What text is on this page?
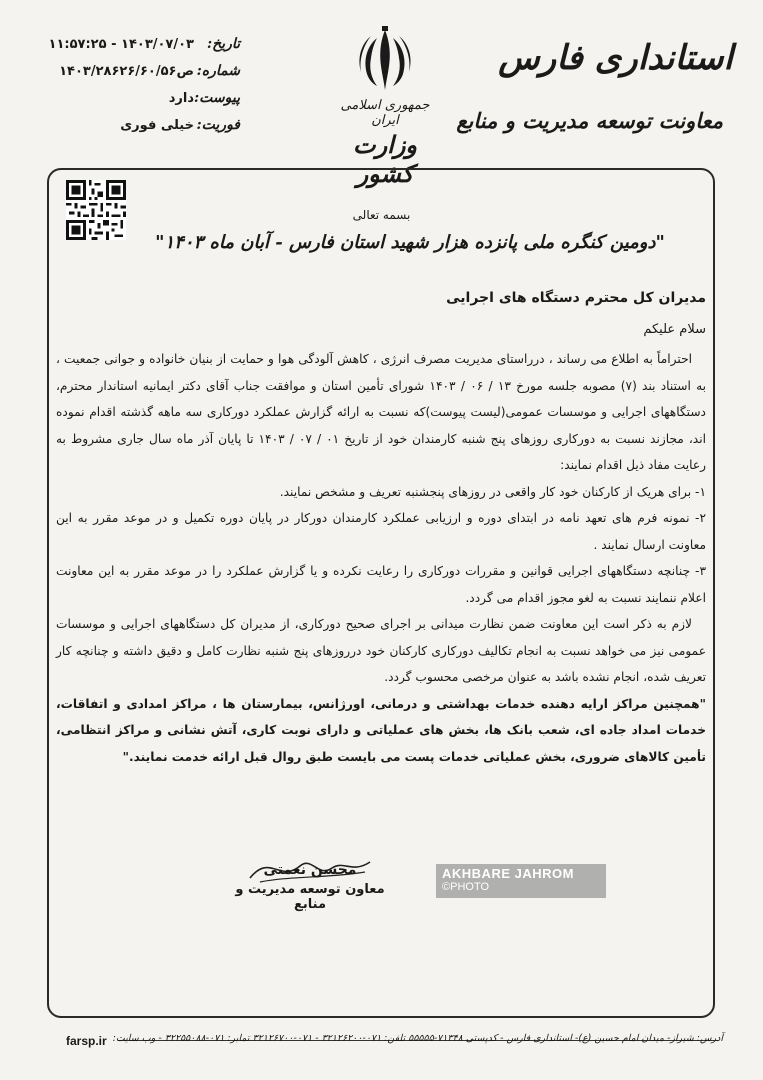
استانداری فارس
معاونت توسعه مدیریت و منابع
جمهوری اسلامی ایران
وزارت کشور
تاریخ:
۱۴۰۳/۰۷/۰۳ - ۱۱:۵۷:۲۵
شماره:
ص۱۴۰۳/۲۸۶۲۶/۶۰/۵۶
پیوست:
دارد
فوریت:
خیلی فوری
بسمه تعالی
"دومین کنگره ملی پانزده هزار شهید استان فارس - آبان ماه ۱۴۰۳"
مدیران کل محترم دستگاه های اجرایی
سلام علیکم

احتراماً به اطلاع می رساند ، درراستای مدیریت مصرف انرژی ، کاهش آلودگی هوا و حمایت از بنیان خانواده و جوانی جمعیت ، به استناد بند (۷) مصوبه جلسه مورخ ۱۳ / ۰۶ / ۱۴۰۳ شورای تأمین استان و موافقت جناب آقای دکتر ایمانیه استاندار محترم، دستگاههای اجرایی و موسسات عمومی(لیست پیوست)که نسبت به ارائه گزارش عملکرد دورکاری سه ماهه گذشته اقدام نموده اند، مجازند نسبت به دورکاری روزهای پنج شنبه کارمندان خود از تاریخ ۰۱ / ۰۷ / ۱۴۰۳ تا پایان آذر ماه سال جاری مشروط به رعایت مفاد ذیل اقدام نمایند:

۱- برای هریک از کارکنان خود کار واقعی در روزهای پنجشنبه تعریف و مشخص نمایند.

۲- نمونه فرم های تعهد نامه در ابتدای دوره و ارزیابی عملکرد کارمندان دورکار در پایان دوره تکمیل و در موعد مقرر به این معاونت ارسال نمایند .

۳- چنانچه دستگاههای اجرایی قوانین و مقررات دورکاری را رعایت نکرده و یا گزارش عملکرد را در موعد مقرر به این معاونت اعلام ننمایند نسبت به لغو مجوز اقدام می گردد.

لازم به ذکر است این معاونت ضمن نظارت میدانی بر اجرای صحیح دورکاری، از مدیران کل دستگاههای اجرایی و موسسات عمومی نیز می خواهد نسبت به انجام تکالیف دورکاری کارکنان خود درروزهای پنج شنبه نظارت کامل و دقیق داشته و چنانچه کار تعریف شده، انجام نشده باشد به عنوان مرخصی محسوب گردد.

"همچنین مراکز ارایه دهنده خدمات بهداشتی و درمانی، اورژانس، بیمارستان ها ، مراکز امدادی و اتفاقات، خدمات امداد جاده ای، شعب بانک ها، بخش های عملیاتی و دارای نوبت کاری، آتش نشانی و مراکز انتظامی، تأمین کالاهای ضروری، بخش عملیاتی خدمات پست می بایست طبق روال قبل ارائه خدمت نمایند."

محسن نعمتی
معاون توسعه مدیریت و منابع
AKHBARE JAHROM
©PHOTO
farsp.ir آدرس: شیراز- میدان امام حسین (ع)- استانداری فارس - کدپستی ۷۱۳۴۸-۵۵۵۵۵ تلفن: ۰۷۱-۳۲۱۲۶۲۰۰ - ۰۷۱-۳۲۱۲۶۷۰۰ تمابر: ۰۷۱-۳۲۲۵۵۰۸۸ - وب سایت:
